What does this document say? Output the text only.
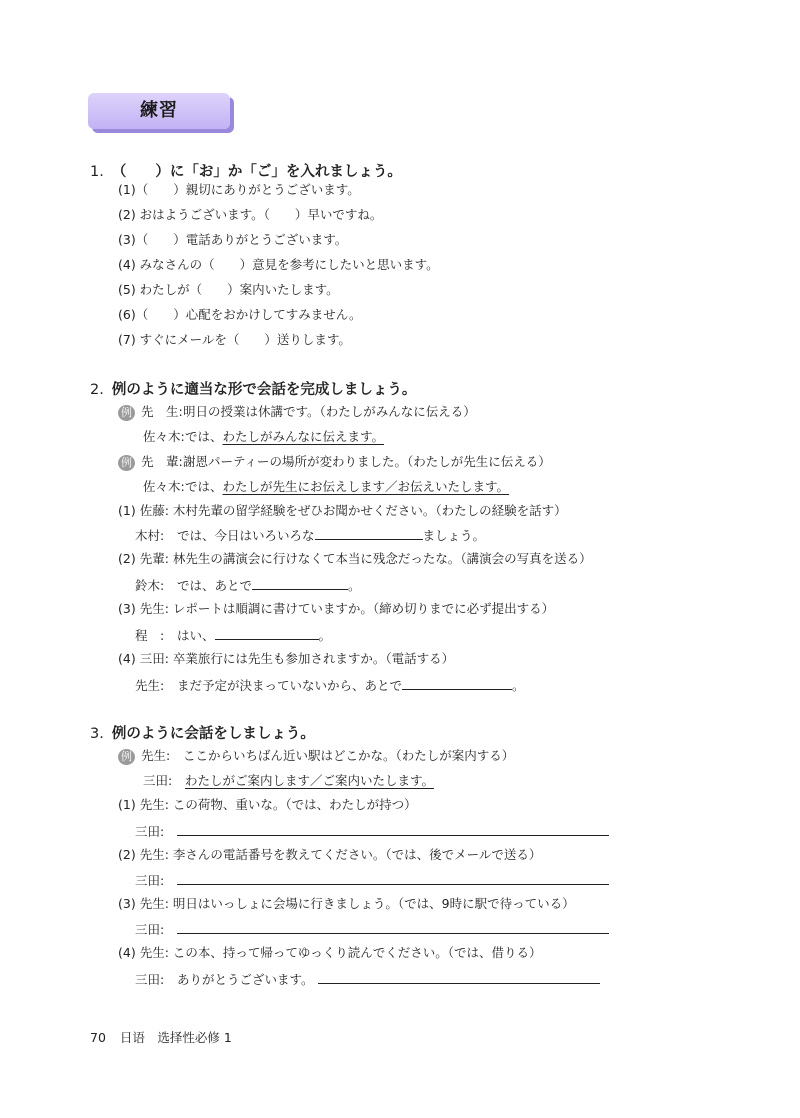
練習
1. （　　）に「お」か「ご」を入れましょう。
(1)（　　）親切にありがとうございます。
(2) おはようございます。（　　）早いですね。
(3)（　　）電話ありがとうございます。
(4) みなさんの（　　）意見を参考にしたいと思います。
(5) わたしが（　　）案内いたします。
(6)（　　）心配をおかけしてすみません。
(7) すぐにメールを（　　）送りします。
2. 例のように適当な形で会話を完成しましょう。
例 先　生:明日の授業は休講です。（わたしがみんなに伝える）
佐々木:では、わたしがみんなに伝えます。
例 先　輩:謝恩パーティーの場所が変わりました。（わたしが先生に伝える）
佐々木:では、わたしが先生にお伝えします／お伝えいたします。
(1) 佐藤: 木村先輩の留学経験をぜひお聞かせください。（わたしの経験を話す）
木村: では、今日はいろいろな	ましょう。
(2) 先輩: 林先生の講演会に行けなくて本当に残念だったな。（講演会の写真を送る）
鈴木: では、あとで	。
(3) 先生: レポートは順調に書けていますか。（締め切りまでに必ず提出する）
程　: はい、	。
(4) 三田: 卒業旅行には先生も参加されますか。（電話する）
先生: まだ予定が決まっていないから、あとで	。
3. 例のように会話をしましょう。
例 先生: ここからいちばん近い駅はどこかな。（わたしが案内する）
三田: わたしがご案内します／ご案内いたします。
(1) 先生: この荷物、重いな。（では、わたしが持つ）
三田:
(2) 先生: 李さんの電話番号を教えてください。（では、後でメールで送る）
三田:
(3) 先生: 明日はいっしょに会場に行きましょう。（では、9時に駅で待っている）
三田:
(4) 先生: この本、持って帰ってゆっくり読んでください。（では、借りる）
三田: ありがとうございます。
70 日语　选择性必修 1
